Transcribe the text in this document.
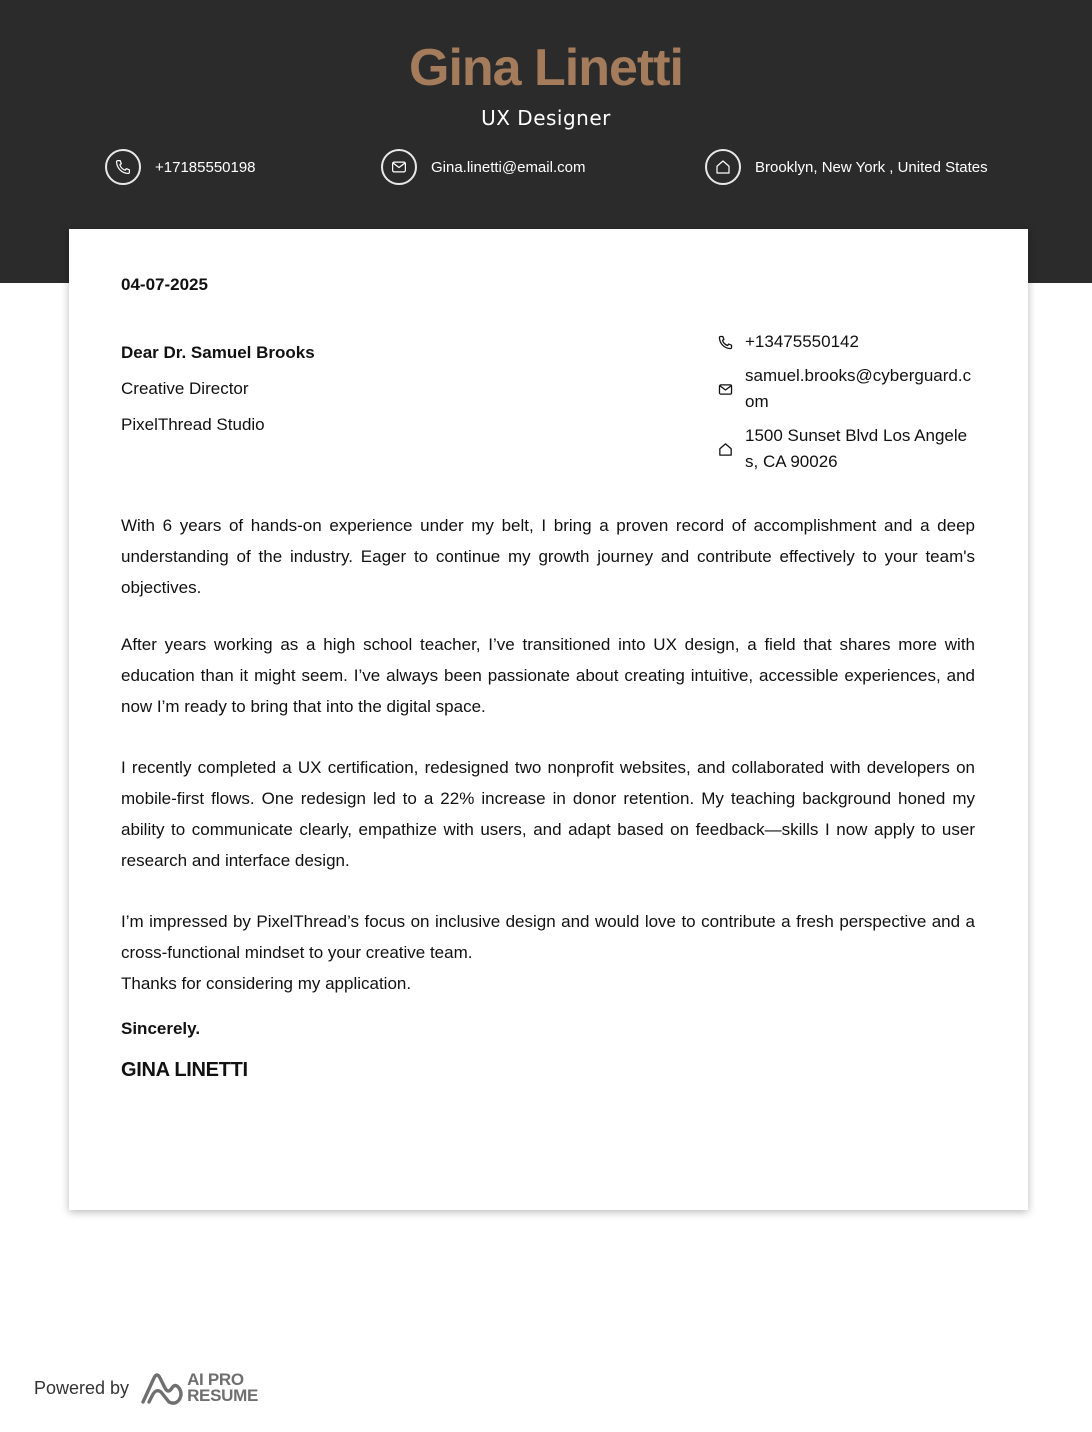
Gina Linetti
UX Designer
+17185550198	Gina.linetti@email.com	Brooklyn, New York , United States
04-07-2025
Dear Dr. Samuel Brooks
Creative Director
PixelThread Studio
+13475550142
samuel.brooks@cyberguard.com
1500 Sunset Blvd Los Angeles, CA 90026

With 6 years of hands-on experience under my belt, I bring a proven record of accomplishment and a deep understanding of the industry. Eager to continue my growth journey and contribute effectively to your team's objectives.

After years working as a high school teacher, I’ve transitioned into UX design, a field that shares more with education than it might seem. I’ve always been passionate about creating intuitive, accessible experiences, and now I’m ready to bring that into the digital space.

I recently completed a UX certification, redesigned two nonprofit websites, and collaborated with developers on mobile-first flows. One redesign led to a 22% increase in donor retention. My teaching background honed my ability to communicate clearly, empathize with users, and adapt based on feedback—skills I now apply to user research and interface design.

I’m impressed by PixelThread’s focus on inclusive design and would love to contribute a fresh perspective and a cross-functional mindset to your creative team.

Thanks for considering my application.

Sincerely.
GINA LINETTI
Powered by	AI PRO
RESUME
